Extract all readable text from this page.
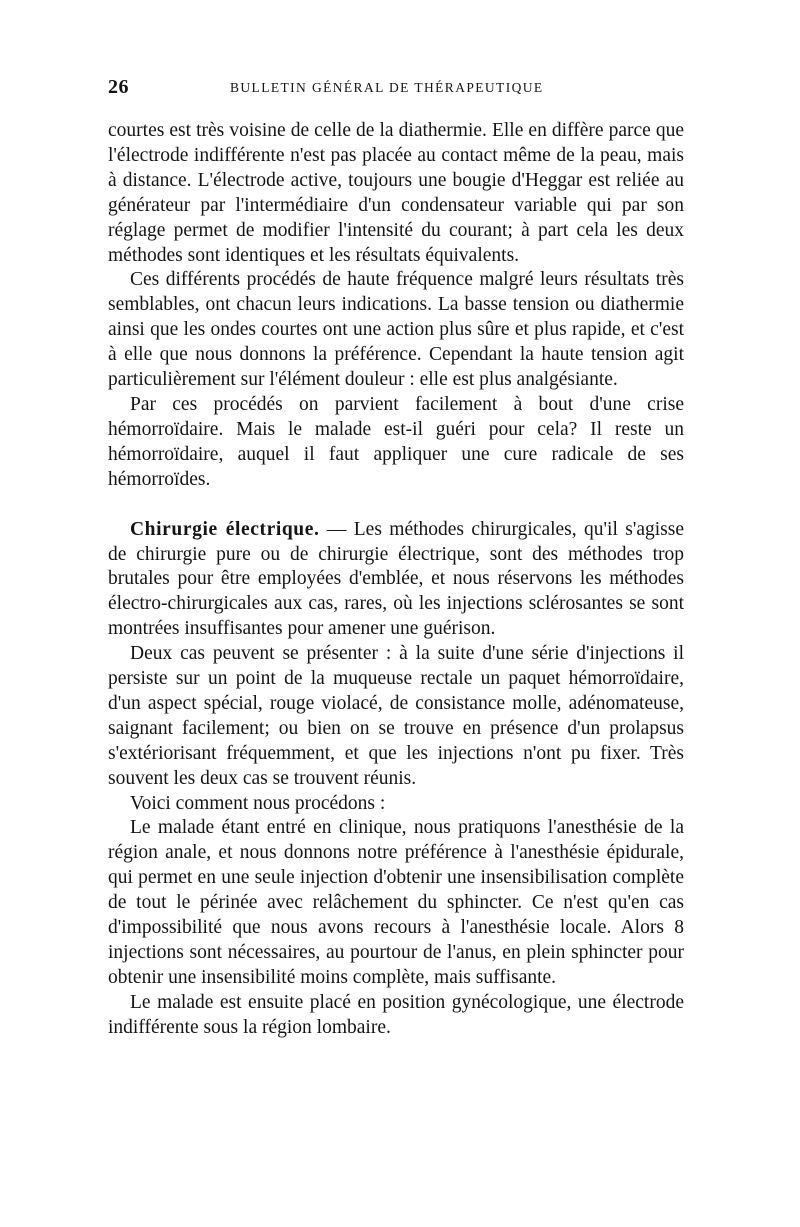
26	BULLETIN GÉNÉRAL DE THÉRAPEUTIQUE

courtes est très voisine de celle de la diathermie. Elle en diffère parce que l'électrode indifférente n'est pas placée au contact même de la peau, mais à distance. L'électrode active, toujours une bougie d'Heggar est reliée au générateur par l'intermédiaire d'un condensateur variable qui par son réglage permet de modifier l'intensité du courant; à part cela les deux méthodes sont identiques et les résultats équivalents.

Ces différents procédés de haute fréquence malgré leurs résultats très semblables, ont chacun leurs indications. La basse tension ou diathermie ainsi que les ondes courtes ont une action plus sûre et plus rapide, et c'est à elle que nous donnons la préférence. Cependant la haute tension agit particulièrement sur l'élément douleur : elle est plus analgésiante.

Par ces procédés on parvient facilement à bout d'une crise hémorroïdaire. Mais le malade est-il guéri pour cela? Il reste un hémorroïdaire, auquel il faut appliquer une cure radicale de ses hémorroïdes.

Chirurgie électrique. — Les méthodes chirurgicales, qu'il s'agisse de chirurgie pure ou de chirurgie électrique, sont des méthodes trop brutales pour être employées d'emblée, et nous réservons les méthodes électro-chirurgicales aux cas, rares, où les injections sclérosantes se sont montrées insuffisantes pour amener une guérison.

Deux cas peuvent se présenter : à la suite d'une série d'injections il persiste sur un point de la muqueuse rectale un paquet hémorroïdaire, d'un aspect spécial, rouge violacé, de consistance molle, adénomateuse, saignant facilement; ou bien on se trouve en présence d'un prolapsus s'extériorisant fréquemment, et que les injections n'ont pu fixer. Très souvent les deux cas se trouvent réunis.

Voici comment nous procédons :

Le malade étant entré en clinique, nous pratiquons l'anesthésie de la région anale, et nous donnons notre préférence à l'anesthésie épidurale, qui permet en une seule injection d'obtenir une insensibilisation complète de tout le périnée avec relâchement du sphincter. Ce n'est qu'en cas d'impossibilité que nous avons recours à l'anesthésie locale. Alors 8 injections sont nécessaires, au pourtour de l'anus, en plein sphincter pour obtenir une insensibilité moins complète, mais suffisante.

Le malade est ensuite placé en position gynécologique, une électrode indifférente sous la région lombaire.
